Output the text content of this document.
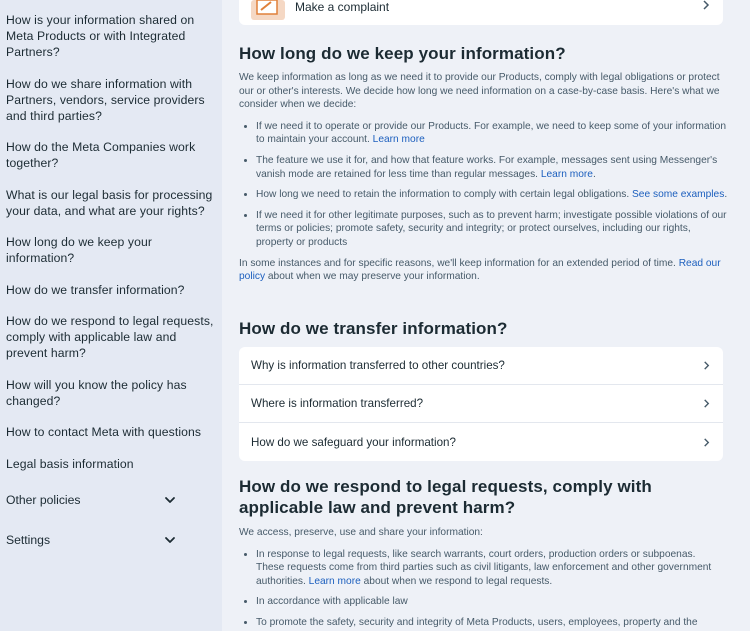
How is your information shared on Meta Products or with Integrated Partners?
How do we share information with Partners, vendors, service providers and third parties?
How do the Meta Companies work together?
What is our legal basis for processing your data, and what are your rights?
How long do we keep your information?
How do we transfer information?
How do we respond to legal requests, comply with applicable law and prevent harm?
How will you know the policy has changed?
How to contact Meta with questions
Legal basis information
Other policies
Settings
Make a complaint
How long do we keep your information?

We keep information as long as we need it to provide our Products, comply with legal obligations or protect our or other's interests. We decide how long we need information on a case-by-case basis. Here's what we consider when we decide:

If we need it to operate or provide our Products. For example, we need to keep some of your information to maintain your account. Learn more
The feature we use it for, and how that feature works. For example, messages sent using Messenger's vanish mode are retained for less time than regular messages. Learn more.
How long we need to retain the information to comply with certain legal obligations. See some examples.
If we need it for other legitimate purposes, such as to prevent harm; investigate possible violations of our terms or policies; promote safety, security and integrity; or protect ourselves, including our rights, property or products

In some instances and for specific reasons, we'll keep information for an extended period of time. Read our policy about when we may preserve your information.

How do we transfer information?
Why is information transferred to other countries?
Where is information transferred?
How do we safeguard your information?
How do we respond to legal requests, comply with applicable law and prevent harm?

We access, preserve, use and share your information:

In response to legal requests, like search warrants, court orders, production orders or subpoenas. These requests come from third parties such as civil litigants, law enforcement and other government authorities. Learn more about when we respond to legal requests.
In accordance with applicable law
To promote the safety, security and integrity of Meta Products, users, employees, property and the
